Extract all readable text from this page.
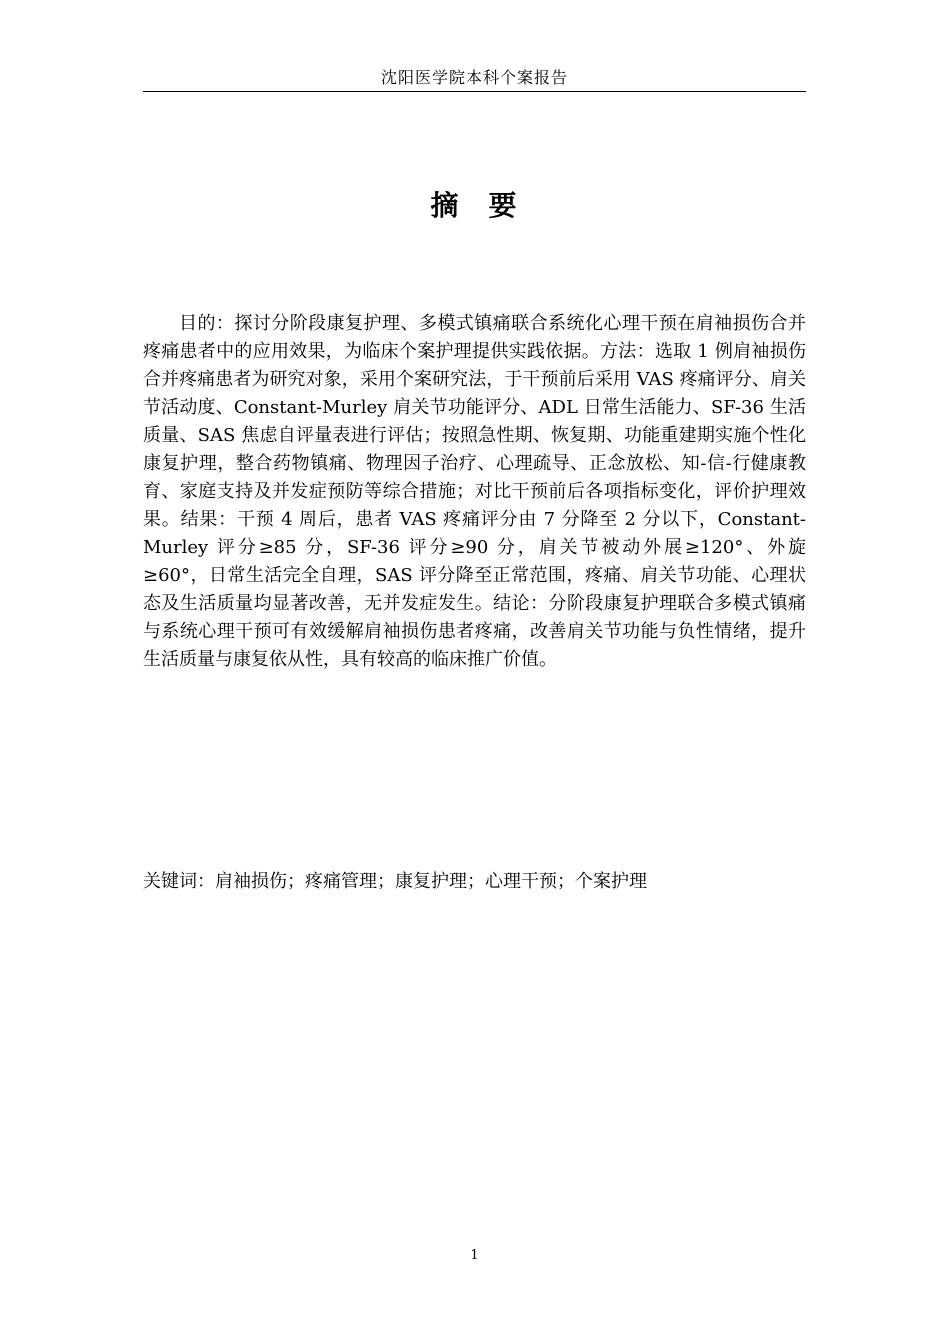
沈阳医学院本科个案报告
摘 要

目的：探讨分阶段康复护理、多模式镇痛联合系统化心理干预在肩袖损伤合并疼痛患者中的应用效果，为临床个案护理提供实践依据。方法：选取 1 例肩袖损伤合并疼痛患者为研究对象，采用个案研究法，于干预前后采用 VAS 疼痛评分、肩关节活动度、Constant-Murley 肩关节功能评分、ADL 日常生活能力、SF-36 生活质量、SAS 焦虑自评量表进行评估；按照急性期、恢复期、功能重建期实施个性化康复护理，整合药物镇痛、物理因子治疗、心理疏导、正念放松、知-信-行健康教育、家庭支持及并发症预防等综合措施；对比干预前后各项指标变化，评价护理效果。结果：干预 4 周后，患者 VAS 疼痛评分由 7 分降至 2 分以下，Constant-Murley 评分≥85 分，SF-36 评分≥90 分，肩关节被动外展≥120°、外旋≥60°，日常生活完全自理，SAS 评分降至正常范围，疼痛、肩关节功能、心理状态及生活质量均显著改善，无并发症发生。结论：分阶段康复护理联合多模式镇痛与系统心理干预可有效缓解肩袖损伤患者疼痛，改善肩关节功能与负性情绪，提升生活质量与康复依从性，具有较高的临床推广价值。

关键词：肩袖损伤；疼痛管理；康复护理；心理干预；个案护理

1
